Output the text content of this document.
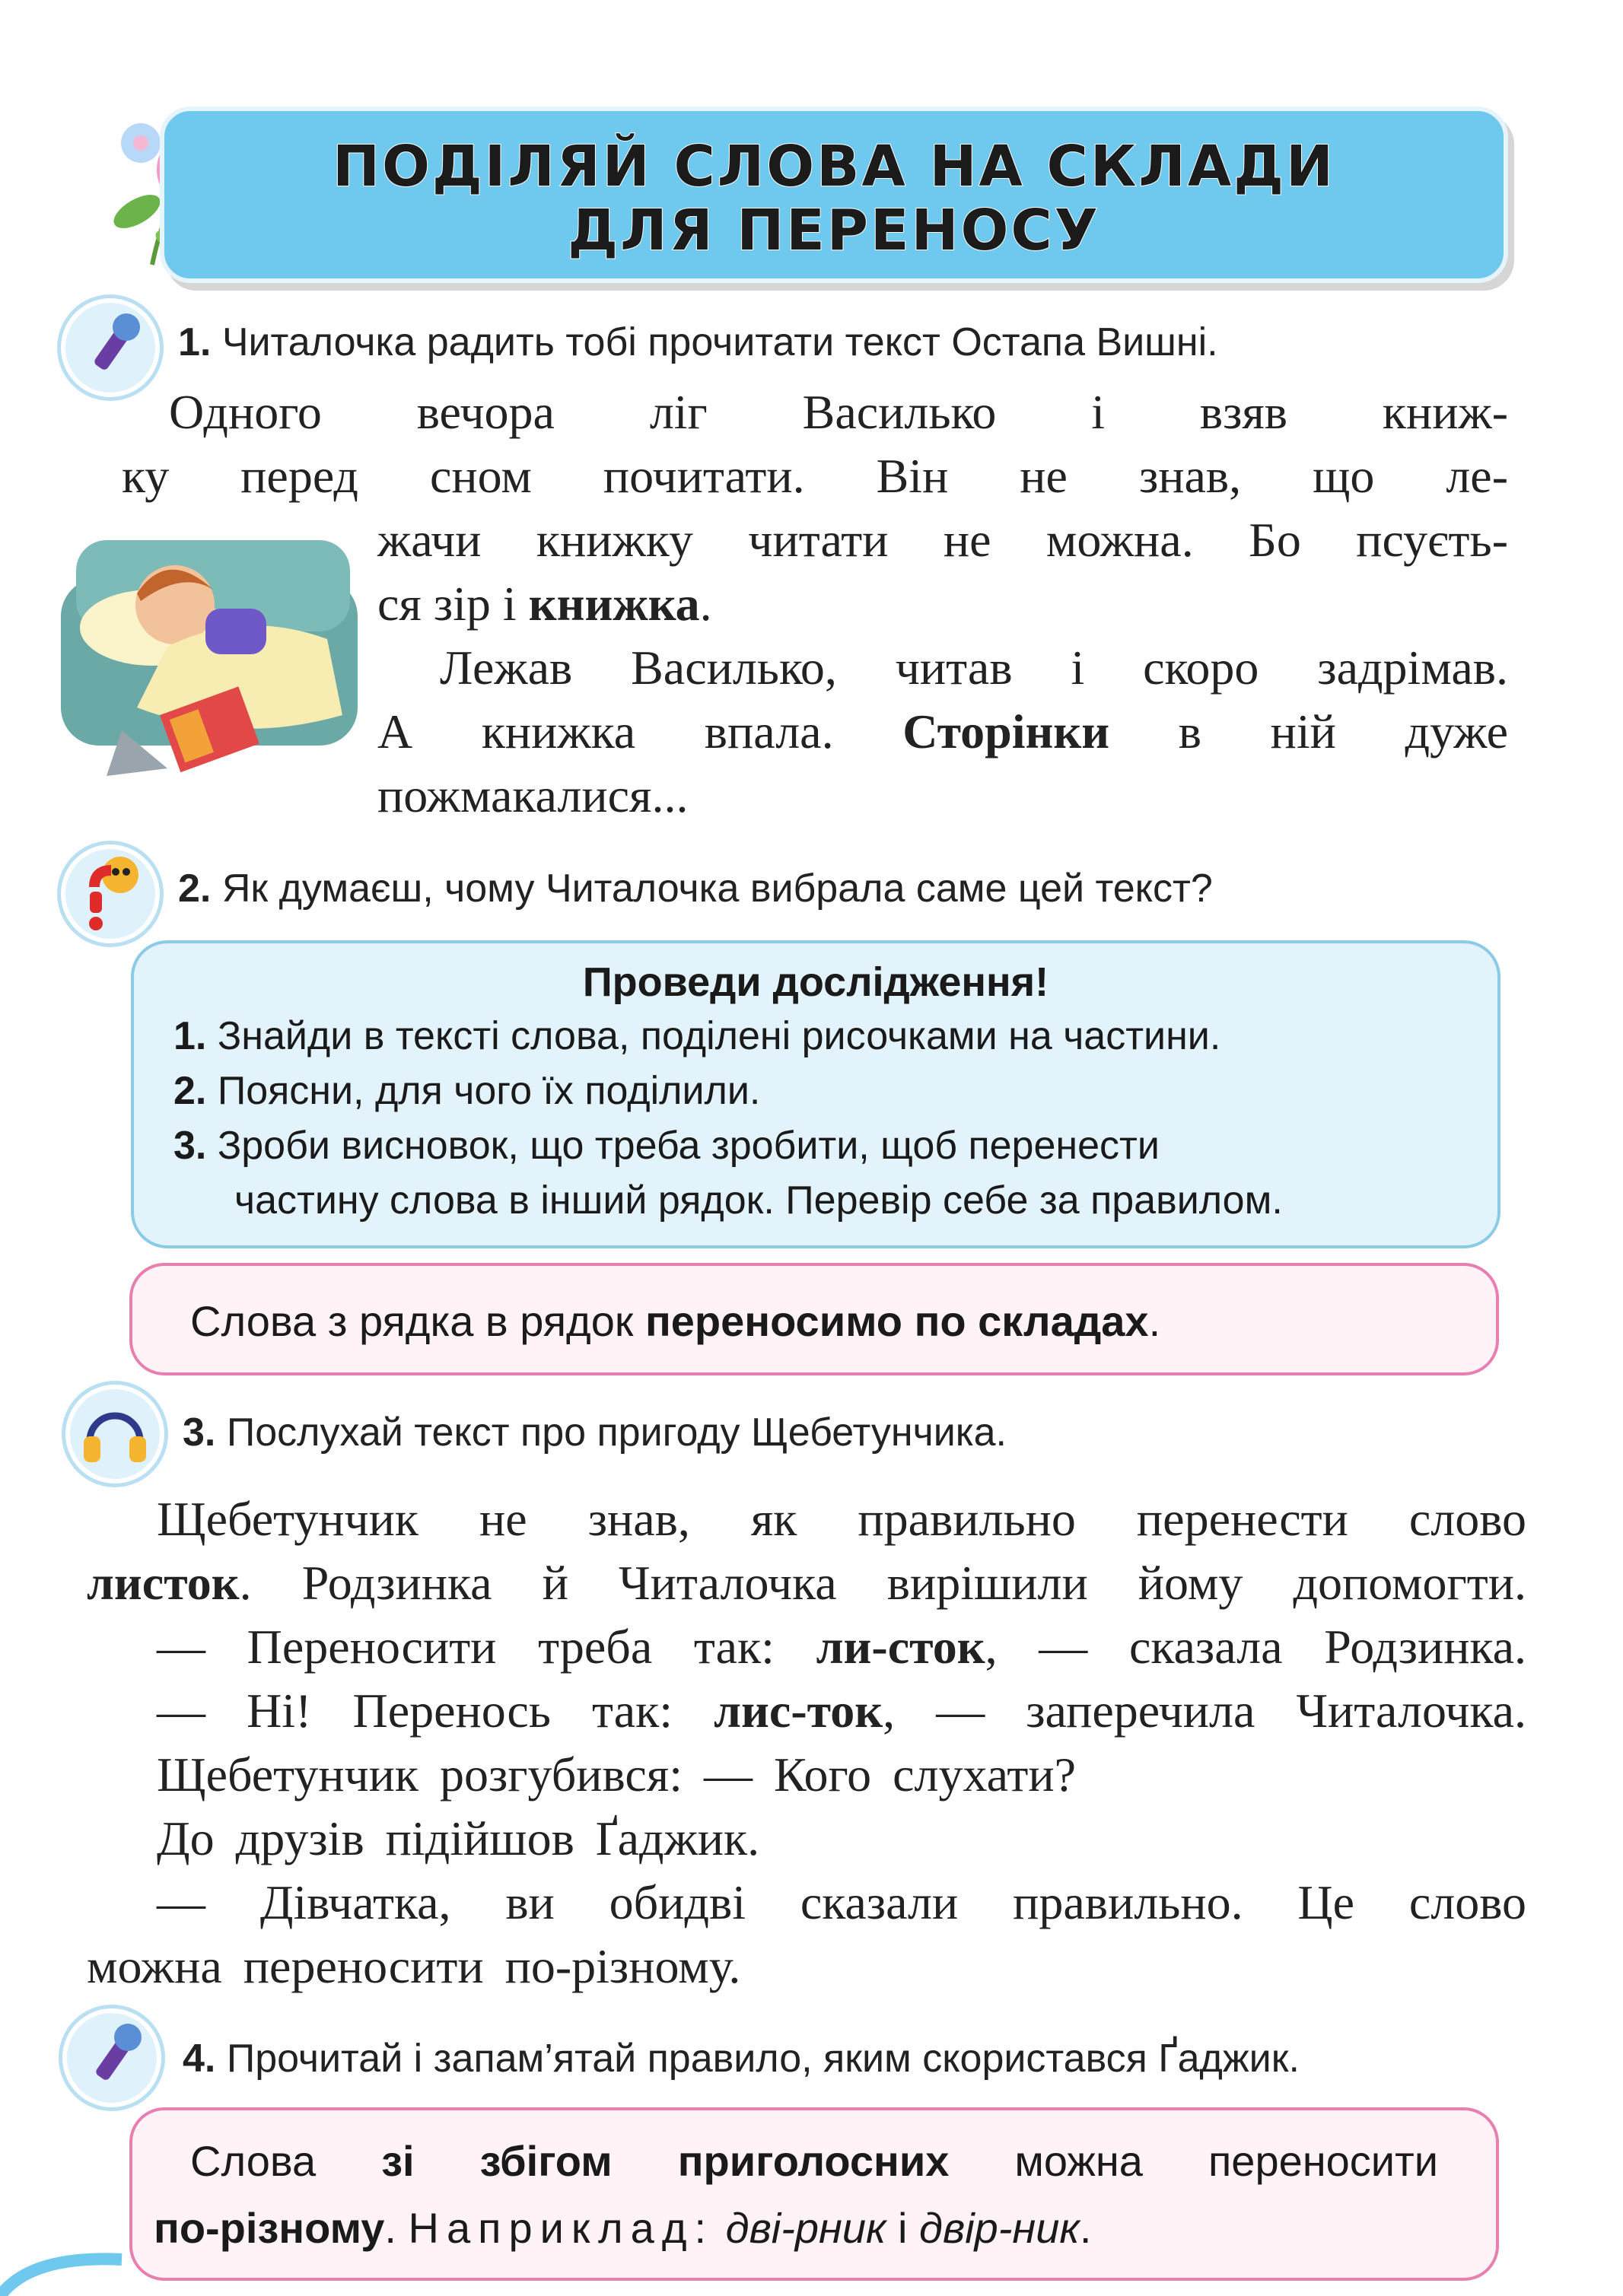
ПОДІЛЯЙ СЛОВА НА СКЛАДИ
ДЛЯ ПЕРЕНОСУ
1. Читалочка радить тобі прочитати текст Остапа Вишні.
Одного вечора ліг Василько і взяв книж-
ку перед сном почитати. Він не знав, що ле-
жачи книжку читати не можна. Бо псуєть-
ся зір і книжка.
Лежав Василько, читав і скоро задрімав.
А книжка впала. Сторінки в ній дуже
пожмакалися...
2. Як думаєш, чому Читалочка вибрала саме цей текст?
Проведи дослідження!
1. Знайди в тексті слова, поділені рисочками на частини.
2. Поясни, для чого їх поділили.
3. Зроби висновок, що треба зробити, щоб перенести
частину слова в інший рядок. Перевір себе за правилом.
Слова з рядка в рядок переносимо по складах.
3. Послухай текст про пригоду Щебетунчика.
Щебетунчик не знав, як правильно перенести слово
листок. Родзинка й Читалочка вирішили йому допомогти.
— Переносити треба так: ли-сток, — сказала Родзинка.
— Ні! Перенось так: лис-ток, — заперечила Читалочка.
Щебетунчик розгубився: — Кого слухати?
До друзів підійшов Ґаджик.
— Дівчатка, ви обидві сказали правильно. Це слово
можна переносити по-різному.
4. Прочитай і запам’ятай правило, яким скористався Ґаджик.
Слова зі збігом приголосних можна переносити
по-різному. Наприклад: дві-рник і двір-ник.
